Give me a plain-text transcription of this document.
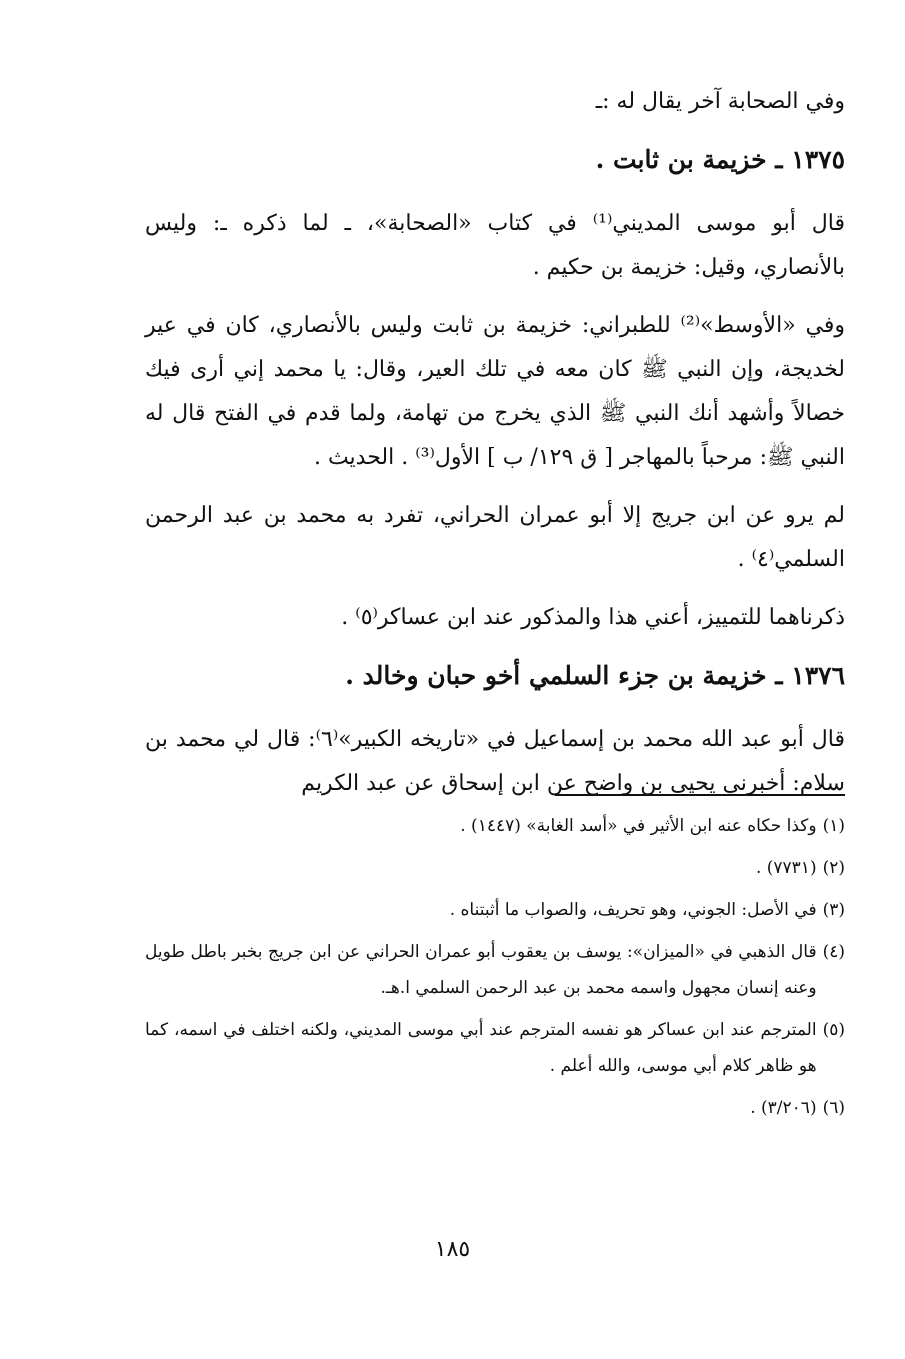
وفي الصحابة آخر يقال له :ـ

١٣٧٥ ـ خزيمة بن ثابت .

قال أبو موسى المديني⁽¹⁾ في كتاب «الصحابة»، ـ لما ذكره ـ: وليس بالأنصاري، وقيل: خزيمة بن حكيم .

وفي «الأوسط»⁽²⁾ للطبراني: خزيمة بن ثابت وليس بالأنصاري، كان في عير لخديجة، وإن النبي ﷺ كان معه في تلك العير، وقال: يا محمد إني أرى فيك خصالاً وأشهد أنك النبي ﷺ الذي يخرج من تهامة، ولما قدم في الفتح قال له النبي ﷺ: مرحباً بالمهاجر [ ق ١٢٩/ ب ] الأول⁽³⁾ . الحديث .

لم يرو عن ابن جريج إلا أبو عمران الحراني، تفرد به محمد بن عبد الرحمن السلمي⁽٤⁾ .

ذكرناهما للتمييز، أعني هذا والمذكور عند ابن عساكر⁽٥⁾ .

١٣٧٦ ـ خزيمة بن جزء السلمي أخو حبان وخالد .

قال أبو عبد الله محمد بن إسماعيل في «تاريخه الكبير»⁽٦⁾: قال لي محمد بن سلام: أخبرني يحيى بن واضح عن ابن إسحاق عن عبد الكريم

(١)
وكذا حكاه عنه ابن الأثير في «أسد الغابة» (١٤٤٧) .
(٢)
(٧٧٣١) .
(٣)
في الأصل: الجوني، وهو تحريف، والصواب ما أثبتناه .
(٤)
قال الذهبي في «الميزان»: يوسف بن يعقوب أبو عمران الحراني عن ابن جريج بخبر باطل طويل وعنه إنسان مجهول واسمه محمد بن عبد الرحمن السلمي ا.هـ.
(٥)
المترجم عند ابن عساكر هو نفسه المترجم عند أبي موسى المديني، ولكنه اختلف في اسمه، كما هو ظاهر كلام أبي موسى، والله أعلم .
(٦)
(٣/٢٠٦) .
١٨٥
